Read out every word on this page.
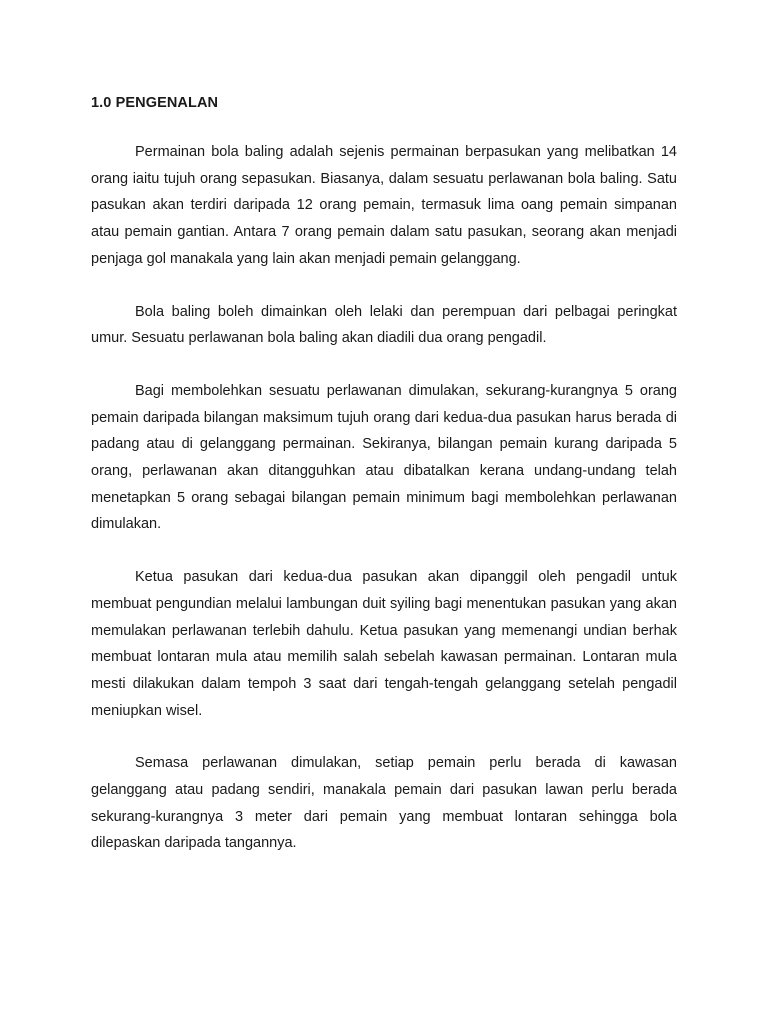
1.0 PENGENALAN

Permainan bola baling adalah sejenis permainan berpasukan yang melibatkan 14 orang iaitu tujuh orang sepasukan. Biasanya, dalam sesuatu perlawanan bola baling. Satu pasukan akan terdiri daripada 12 orang pemain, termasuk lima oang pemain simpanan atau pemain gantian. Antara 7 orang pemain dalam satu pasukan, seorang akan menjadi penjaga gol manakala yang lain akan menjadi pemain gelanggang.

Bola baling boleh dimainkan oleh lelaki dan perempuan dari pelbagai peringkat umur. Sesuatu perlawanan bola baling akan diadili dua orang pengadil.

Bagi membolehkan sesuatu perlawanan dimulakan, sekurang-kurangnya 5 orang pemain daripada bilangan maksimum tujuh orang dari kedua-dua pasukan harus berada di padang atau di gelanggang permainan. Sekiranya, bilangan pemain kurang daripada 5 orang, perlawanan akan ditangguhkan atau dibatalkan kerana undang-undang telah menetapkan 5 orang sebagai bilangan pemain minimum bagi membolehkan perlawanan dimulakan.

Ketua pasukan dari kedua-dua pasukan akan dipanggil oleh pengadil untuk membuat pengundian melalui lambungan duit syiling bagi menentukan pasukan yang akan memulakan perlawanan terlebih dahulu. Ketua pasukan yang memenangi undian berhak membuat lontaran mula atau memilih salah sebelah kawasan permainan. Lontaran mula mesti dilakukan dalam tempoh 3 saat dari tengah-tengah gelanggang setelah pengadil meniupkan wisel.

Semasa perlawanan dimulakan, setiap pemain perlu berada di kawasan gelanggang atau padang sendiri, manakala pemain dari pasukan lawan perlu berada sekurang-kurangnya 3 meter dari pemain yang membuat lontaran sehingga bola dilepaskan daripada tangannya.
